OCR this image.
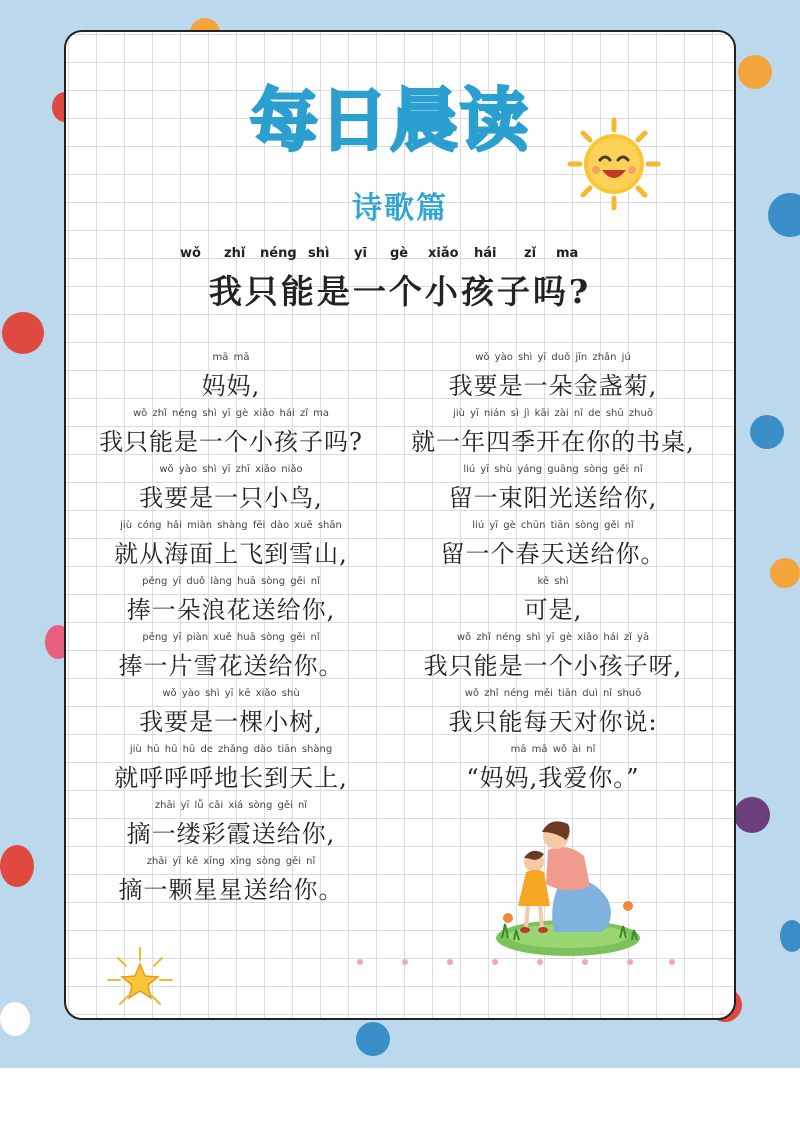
每日晨读
诗歌篇
wǒ zhǐ néng shì yī gè xiǎo hái zǐ ma
我只能是一个小孩子吗?
mā mā
妈妈,
wǒ zhǐ néng shì yī gè xiǎo hái zǐ ma
我只能是一个小孩子吗?
wǒ yào shì yī zhī xiǎo niǎo
我要是一只小鸟,
jiù cóng hǎi miàn shàng fēi dào xuě shān
就从海面上飞到雪山,
pěng yī duǒ làng huā sòng gěi nǐ
捧一朵浪花送给你,
pěng yī piàn xuě huā sòng gěi nǐ
捧一片雪花送给你。
wǒ yào shì yī kē xiǎo shù
我要是一棵小树,
jiù hū hū hū de zhǎng dào tiān shàng
就呼呼呼地长到天上,
zhāi yī lǚ cǎi xiá sòng gěi nǐ
摘一缕彩霞送给你,
zhāi yī kē xīng xīng sòng gěi nǐ
摘一颗星星送给你。
wǒ yào shì yī duǒ jīn zhǎn jú
我要是一朵金盏菊,
jiù yī nián sì jì kāi zài nǐ de shū zhuō
就一年四季开在你的书桌,
liú yī shù yáng guāng sòng gěi nǐ
留一束阳光送给你,
liú yī gè chūn tiān sòng gěi nǐ
留一个春天送给你。
kě shì
可是,
wǒ zhǐ néng shì yī gè xiǎo hái zǐ yā
我只能是一个小孩子呀,
wǒ zhǐ néng měi tiān duì nǐ shuō
我只能每天对你说:
mā mā wǒ ài nǐ
“妈妈,我爱你。”
